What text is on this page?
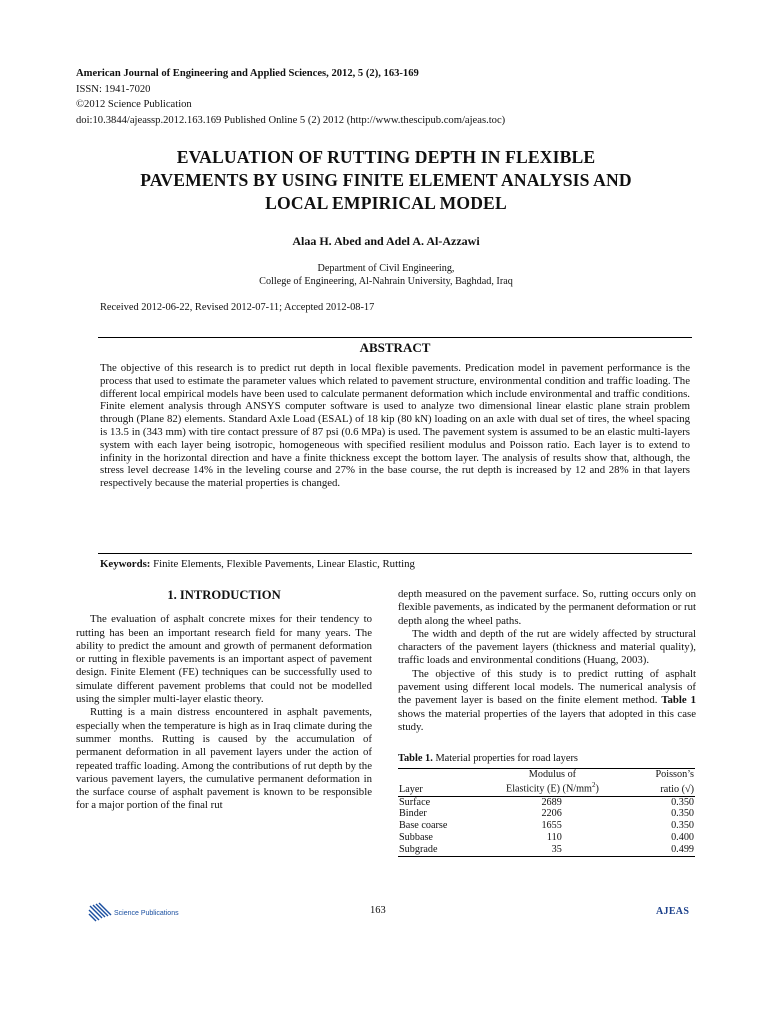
American Journal of Engineering and Applied Sciences, 2012, 5 (2), 163-169
ISSN: 1941-7020
©2012 Science Publication
doi:10.3844/ajeassp.2012.163.169 Published Online 5 (2) 2012 (http://www.thescipub.com/ajeas.toc)
EVALUATION OF RUTTING DEPTH IN FLEXIBLE
PAVEMENTS BY USING FINITE ELEMENT ANALYSIS AND
LOCAL EMPIRICAL MODEL
Alaa H. Abed and Adel A. Al-Azzawi
Department of Civil Engineering,
College of Engineering, Al-Nahrain University, Baghdad, Iraq
Received 2012-06-22, Revised 2012-07-11; Accepted 2012-08-17
ABSTRACT
The objective of this research is to predict rut depth in local flexible pavements. Predication model in pavement performance is the process that used to estimate the parameter values which related to pavement structure, environmental condition and traffic loading. The different local empirical models have been used to calculate permanent deformation which include environmental and traffic conditions. Finite element analysis through ANSYS computer software is used to analyze two dimensional linear elastic plane strain problem through (Plane 82) elements. Standard Axle Load (ESAL) of 18 kip (80 kN) loading on an axle with dual set of tires, the wheel spacing is 13.5 in (343 mm) with tire contact pressure of 87 psi (0.6 MPa) is used. The pavement system is assumed to be an elastic multi-layers system with each layer being isotropic, homogeneous with specified resilient modulus and Poisson ratio. Each layer is to extend to infinity in the horizontal direction and have a finite thickness except the bottom layer. The analysis of results show that, although, the stress level decrease 14% in the leveling course and 27% in the base course, the rut depth is increased by 12 and 28% in that layers respectively because the material properties is changed.
Keywords: Finite Elements, Flexible Pavements, Linear Elastic, Rutting
1. INTRODUCTION

The evaluation of asphalt concrete mixes for their tendency to rutting has been an important research field for many years. The ability to predict the amount and growth of permanent deformation or rutting in flexible pavements is an important aspect of pavement design. Finite Element (FE) techniques can be successfully used to simulate different pavement problems that could not be modelled using the simpler multi-layer elastic theory.

Rutting is a main distress encountered in asphalt pavements, especially when the temperature is high as in Iraq climate during the summer months. Rutting is caused by the accumulation of permanent deformation in all pavement layers under the action of repeated traffic loading. Among the contributions of rut depth by the various pavement layers, the cumulative permanent deformation in the surface course of asphalt pavement is known to be responsible for a major portion of the final rut

depth measured on the pavement surface. So, rutting occurs only on flexible pavements, as indicated by the permanent deformation or rut depth along the wheel paths.

The width and depth of the rut are widely affected by structural characters of the pavement layers (thickness and material quality), traffic loads and environmental conditions (Huang, 2003).

The objective of this study is to predict rutting of asphalt pavement using different local models. The numerical analysis of the pavement layer is based on the finite element method. Table 1 shows the material properties of the layers that adopted in this case study.

Table 1. Material properties for road layers
	Modulus of	Poisson’s
Layer	Elasticity (E) $(N/mm^2)$	ratio (√)
Surface	2689	0.350
Binder	2206	0.350
Base coarse	1655	0.350
Subbase	110	0.400
Subgrade	35	0.499
Science Publications	163	AJEAS
